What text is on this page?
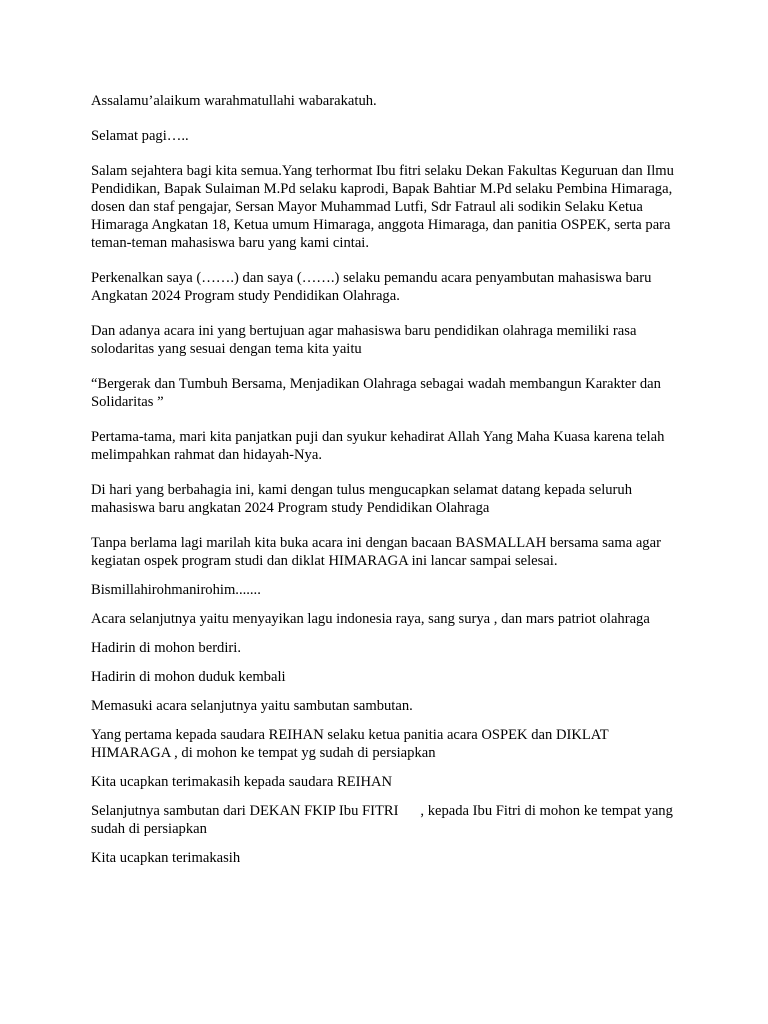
Assalamu’alaikum warahmatullahi wabarakatuh.

Selamat pagi…..

Salam sejahtera bagi kita semua.Yang terhormat Ibu fitri selaku Dekan Fakultas Keguruan dan Ilmu Pendidikan, Bapak Sulaiman M.Pd selaku kaprodi, Bapak Bahtiar M.Pd selaku Pembina Himaraga, dosen dan staf pengajar, Sersan Mayor Muhammad Lutfi, Sdr Fatraul ali sodikin Selaku Ketua Himaraga Angkatan 18, Ketua umum Himaraga, anggota Himaraga, dan panitia OSPEK, serta para teman-teman mahasiswa baru yang kami cintai.

Perkenalkan saya (…….) dan saya (…….) selaku pemandu acara penyambutan mahasiswa baru Angkatan 2024 Program study Pendidikan Olahraga.

Dan adanya acara ini yang bertujuan agar mahasiswa baru pendidikan olahraga memiliki rasa solodaritas yang sesuai dengan tema kita yaitu

“Bergerak dan Tumbuh Bersama, Menjadikan Olahraga sebagai wadah membangun Karakter dan Solidaritas ”

Pertama-tama, mari kita panjatkan puji dan syukur kehadirat Allah Yang Maha Kuasa karena telah melimpahkan rahmat dan hidayah-Nya.

Di hari yang berbahagia ini, kami dengan tulus mengucapkan selamat datang kepada seluruh mahasiswa baru angkatan 2024 Program study Pendidikan Olahraga

Tanpa berlama lagi marilah kita buka acara ini dengan bacaan BASMALLAH bersama sama agar kegiatan ospek program studi dan diklat HIMARAGA ini lancar sampai selesai.

Bismillahirohmanirohim.......

Acara selanjutnya yaitu menyayikan lagu indonesia raya, sang surya , dan mars patriot olahraga

Hadirin di mohon berdiri.

Hadirin di mohon duduk kembali

Memasuki acara selanjutnya yaitu sambutan sambutan.

Yang pertama kepada saudara REIHAN selaku ketua panitia acara OSPEK dan DIKLAT HIMARAGA , di mohon ke tempat yg sudah di persiapkan

Kita ucapkan terimakasih kepada saudara REIHAN

Selanjutnya sambutan dari DEKAN FKIP Ibu FITRI      , kepada Ibu Fitri di mohon ke tempat yang sudah di persiapkan

Kita ucapkan terimakasih
